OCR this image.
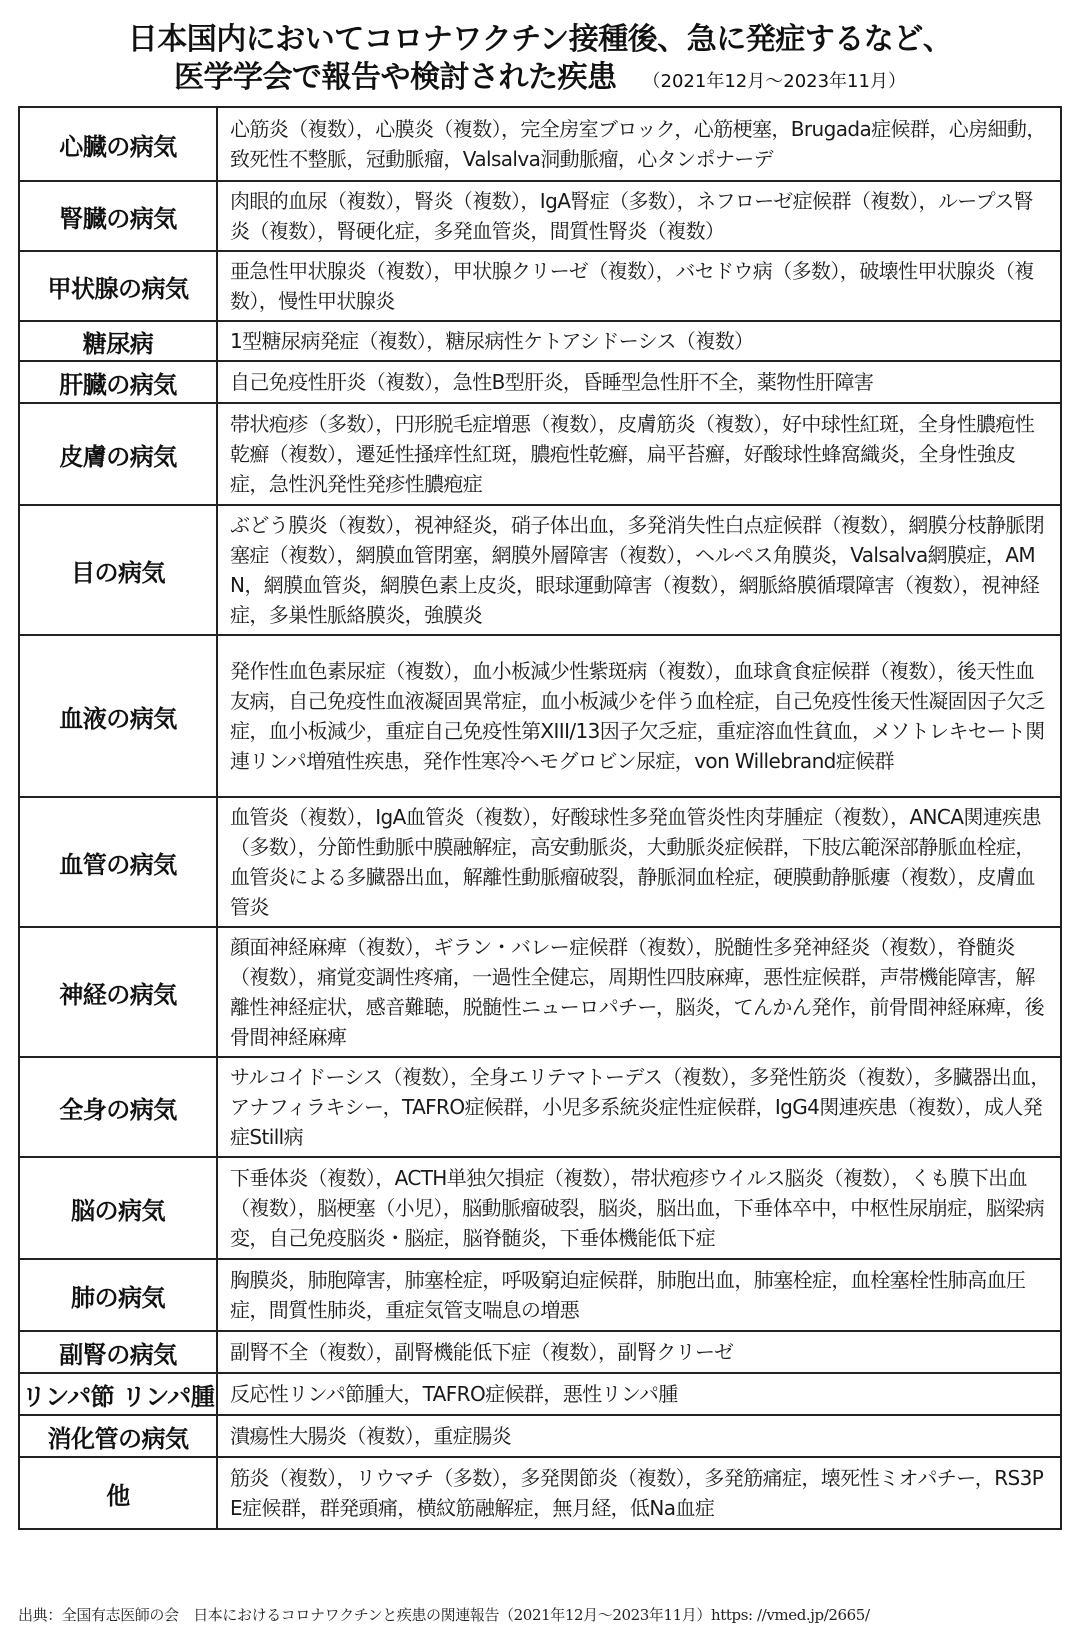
日本国内においてコロナワクチン接種後、急に発症するなど、
医学学会で報告や検討された疾患 （2021年12月〜2023年11月）
心臓の病気	心筋炎（複数），心膜炎（複数），完全房室ブロック，心筋梗塞，Brugada症候群，心房細動，致死性不整脈，冠動脈瘤，Valsalva洞動脈瘤，心タンポナーデ
腎臓の病気	肉眼的血尿（複数），腎炎（複数），IgA腎症（多数），ネフローゼ症候群（複数），ループス腎炎（複数），腎硬化症，多発血管炎，間質性腎炎（複数）
甲状腺の病気	亜急性甲状腺炎（複数），甲状腺クリーゼ（複数），バセドウ病（多数），破壊性甲状腺炎（複数），慢性甲状腺炎
糖尿病	1型糖尿病発症（複数），糖尿病性ケトアシドーシス（複数）
肝臓の病気	自己免疫性肝炎（複数），急性B型肝炎，昏睡型急性肝不全，薬物性肝障害
皮膚の病気	帯状疱疹（多数），円形脱毛症増悪（複数），皮膚筋炎（複数），好中球性紅斑，全身性膿疱性乾癬（複数），遷延性掻痒性紅斑，膿疱性乾癬，扁平苔癬，好酸球性蜂窩織炎，全身性強皮症，急性汎発性発疹性膿疱症
目の病気	ぶどう膜炎（複数），視神経炎，硝子体出血，多発消失性白点症候群（複数），網膜分枝静脈閉塞症（複数），網膜血管閉塞，網膜外層障害（複数），ヘルペス角膜炎，Valsalva網膜症，AMN，網膜血管炎，網膜色素上皮炎，眼球運動障害（複数），網脈絡膜循環障害（複数），視神経症，多巣性脈絡膜炎，強膜炎
血液の病気	発作性血色素尿症（複数），血小板減少性紫斑病（複数），血球貪食症候群（複数），後天性血友病，自己免疫性血液凝固異常症，血小板減少を伴う血栓症，自己免疫性後天性凝固因子欠乏症，血小板減少，重症自己免疫性第XIII/13因子欠乏症，重症溶血性貧血，メソトレキセート関連リンパ増殖性疾患，発作性寒冷ヘモグロビン尿症，von Willebrand症候群
血管の病気	血管炎（複数），IgA血管炎（複数），好酸球性多発血管炎性肉芽腫症（複数），ANCA関連疾患（多数），分節性動脈中膜融解症，高安動脈炎，大動脈炎症候群，下肢広範深部静脈血栓症，血管炎による多臓器出血，解離性動脈瘤破裂，静脈洞血栓症，硬膜動静脈瘻（複数），皮膚血管炎
神経の病気	顔面神経麻痺（複数），ギラン・バレー症候群（複数），脱髄性多発神経炎（複数），脊髄炎（複数），痛覚変調性疼痛，一過性全健忘，周期性四肢麻痺，悪性症候群，声帯機能障害，解離性神経症状，感音難聴，脱髄性ニューロパチー，脳炎，てんかん発作，前骨間神経麻痺，後骨間神経麻痺
全身の病気	サルコイドーシス（複数），全身エリテマトーデス（複数），多発性筋炎（複数），多臓器出血，アナフィラキシー，TAFRO症候群，小児多系統炎症性症候群，IgG4関連疾患（複数），成人発症Still病
脳の病気	下垂体炎（複数），ACTH単独欠損症（複数），帯状疱疹ウイルス脳炎（複数），くも膜下出血（複数），脳梗塞（小児），脳動脈瘤破裂，脳炎，脳出血，下垂体卒中，中枢性尿崩症，脳梁病変，自己免疫脳炎・脳症，脳脊髄炎，下垂体機能低下症
肺の病気	胸膜炎，肺胞障害，肺塞栓症，呼吸窮迫症候群，肺胞出血，肺塞栓症，血栓塞栓性肺高血圧症，間質性肺炎，重症気管支喘息の増悪
副腎の病気	副腎不全（複数），副腎機能低下症（複数），副腎クリーゼ
リンパ節 リンパ腫	反応性リンパ節腫大，TAFRO症候群，悪性リンパ腫
消化管の病気	潰瘍性大腸炎（複数），重症腸炎
他	筋炎（複数），リウマチ（多数），多発関節炎（複数），多発筋痛症，壊死性ミオパチー，RS3PE症候群，群発頭痛，横紋筋融解症，無月経，低Na血症
出典：全国有志医師の会　日本におけるコロナワクチンと疾患の関連報告（2021年12月〜2023年11月）https: //vmed.jp/2665/
